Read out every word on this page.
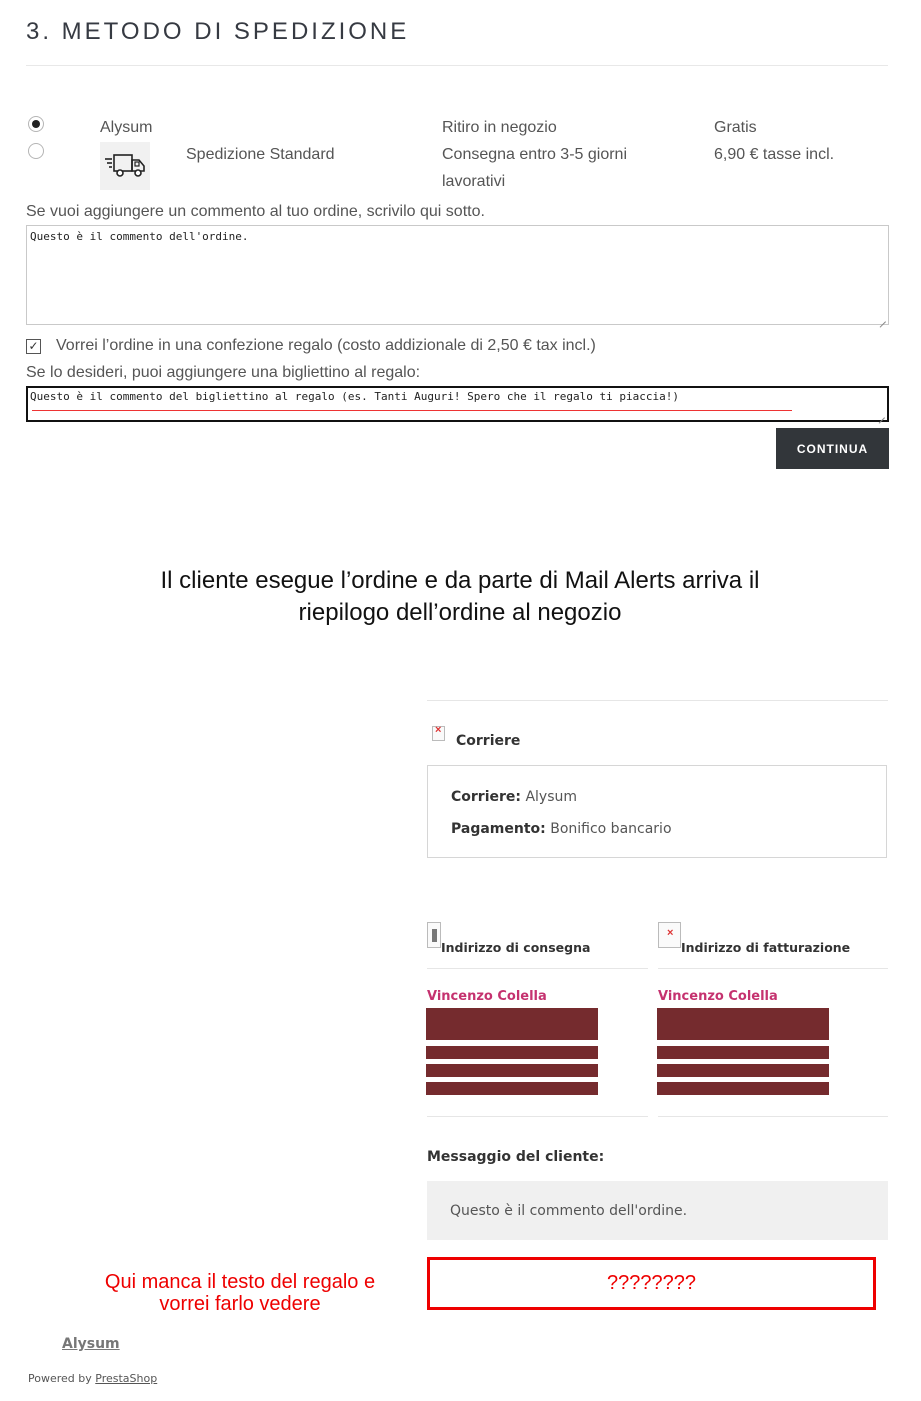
3. METODO DI SPEDIZIONE
Alysum
Spedizione Standard
Ritiro in negozio
Consegna entro 3-5 giorni
lavorativi
Gratis
6,90 € tasse incl.
Se vuoi aggiungere un commento al tuo ordine, scrivilo qui sotto.
Questo è il commento dell'ordine.
✓ Vorrei l’ordine in una confezione regalo (costo addizionale di 2,50 € tax incl.)
Se lo desideri, puoi aggiungere una bigliettino al regalo:
Questo è il commento del bigliettino al regalo (es. Tanti Auguri! Spero che il regalo ti piaccia!)
CONTINUA
Il cliente esegue l’ordine e da parte di Mail Alerts arriva il
riepilogo dell’ordine al negozio
×
Corriere
Corriere: Alysum
Pagamento: Bonifico bancario
Indirizzo di consegna
×
Indirizzo di fatturazione
Vincenzo Colella	Vincenzo Colella
Messaggio del cliente:
Questo è il commento dell'ordine.
????????
Qui manca il testo del regalo e
vorrei farlo vedere
Alysum
Powered by PrestaShop
